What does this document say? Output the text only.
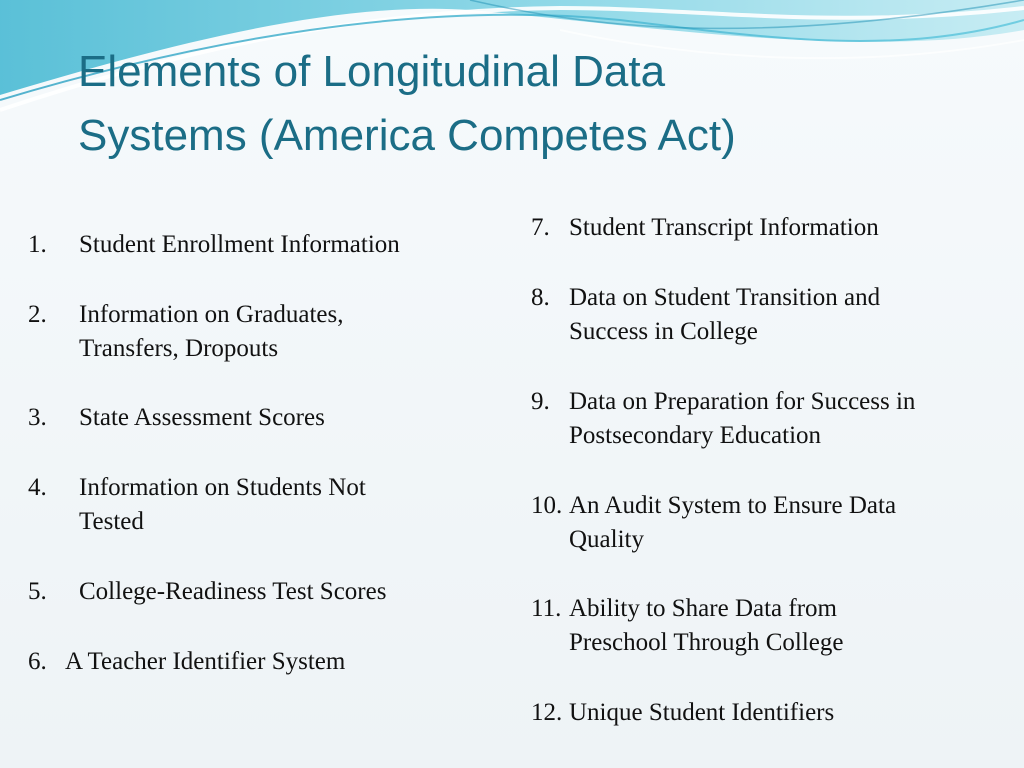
Elements of Longitudinal Data
Systems (America Competes Act)
1. Student Enrollment Information
2. Information on Graduates,
Transfers, Dropouts
3. State Assessment Scores
4. Information on Students Not
Tested
5. College-Readiness Test Scores
6. A Teacher Identifier System
7. Student Transcript Information
8. Data on Student Transition and
Success in College
9. Data on Preparation for Success in
Postsecondary Education
10. An Audit System to Ensure Data
Quality
11. Ability to Share Data from
Preschool Through College
12. Unique Student Identifiers
